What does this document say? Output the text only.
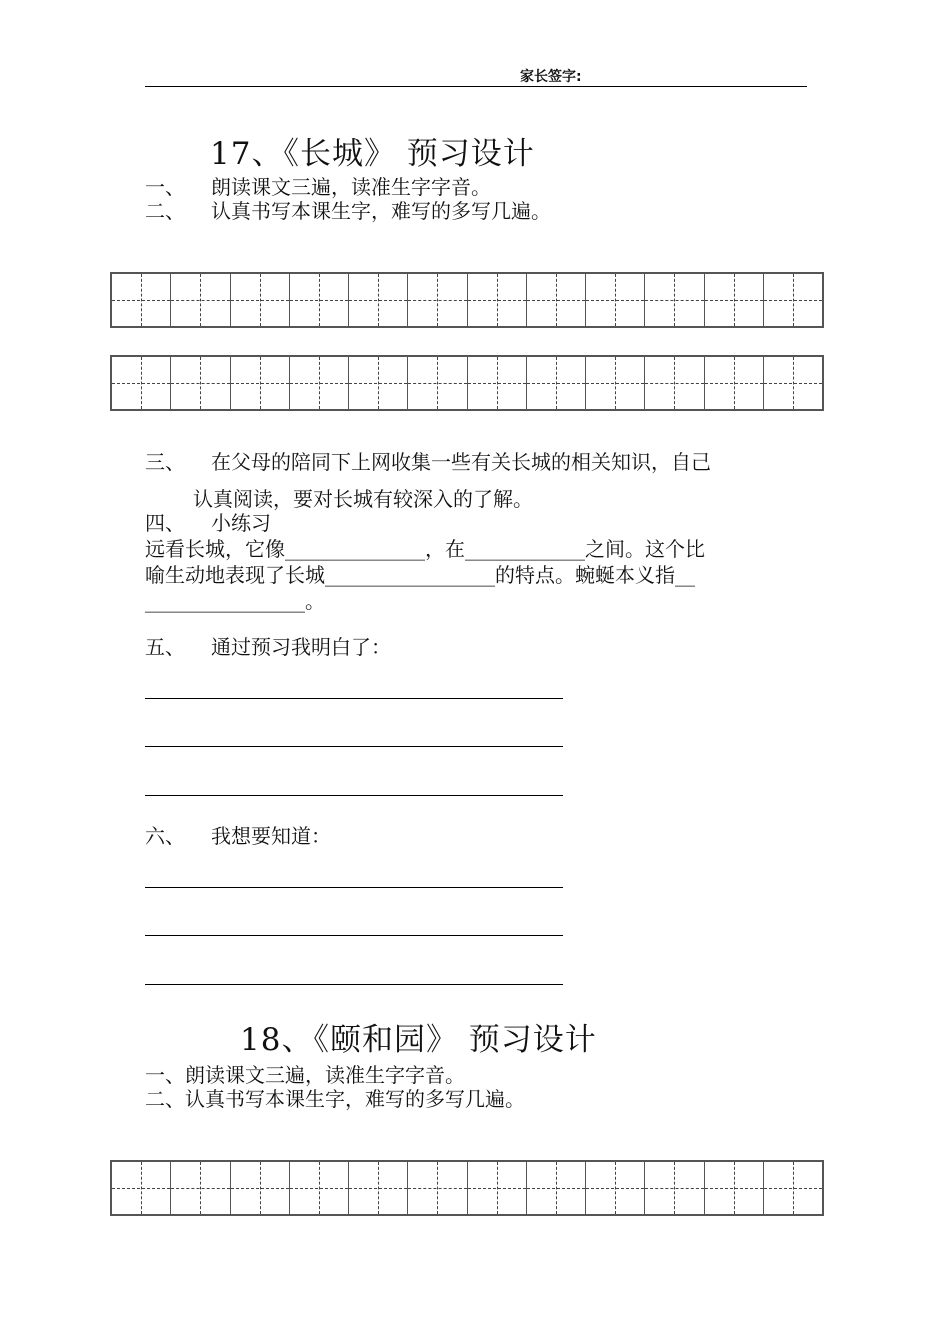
家长签字:
17、《长城》 预习设计
一、 朗读课文三遍，读准生字字音。
二、 认真书写本课生字，难写的多写几遍。
三、 在父母的陪同下上网收集一些有关长城的相关知识，自己
认真阅读，要对长城有较深入的了解。
四、 小练习
远看长城，它像______________，在____________之间。这个比
喻生动地表现了长城_________________的特点。蜿蜒本义指__
________________。
五、 通过预习我明白了：
六、 我想要知道：
18、《颐和园》 预习设计
一、朗读课文三遍，读准生字字音。
二、认真书写本课生字，难写的多写几遍。
